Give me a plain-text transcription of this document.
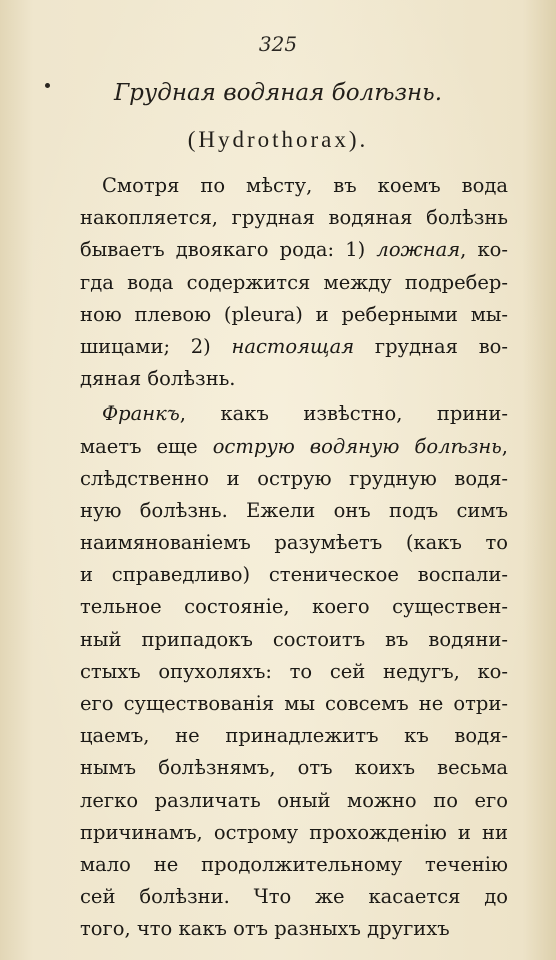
325
Грудная водяная болѣзнь.
(Hydrothorax).
Смотря по мѣсту, въ коемъ вода
накопляется, грудная водяная болѣзнь
бываетъ двоякаго рода: 1) ложная, ко-
гда вода содержится между подребер-
ною плевою (pleura) и реберными мы-
шицами; 2) настоящая грудная во-
дяная болѣзнь.
Франкъ, какъ извѣстно, прини-
маетъ еще острую водяную болѣзнь,
слѣдственно и острую грудную водя-
ную болѣзнь. Ежели онъ подъ симъ
наимянованіемъ разумѣетъ (какъ то
и справедливо) стеническое воспали-
тельное состояніе, коего существен-
ный припадокъ состоитъ въ водяни-
стыхъ опухоляхъ: то сей недугъ, ко-
его существованія мы совсемъ не отри-
цаемъ, не принадлежитъ къ водя-
нымъ болѣзнямъ, отъ коихъ весьма
легко различать оный можно по его
причинамъ, острому прохожденію и ни
мало не продолжительному теченію
сей болѣзни. Что же касается до
того, что какъ отъ разныхъ другихъ
